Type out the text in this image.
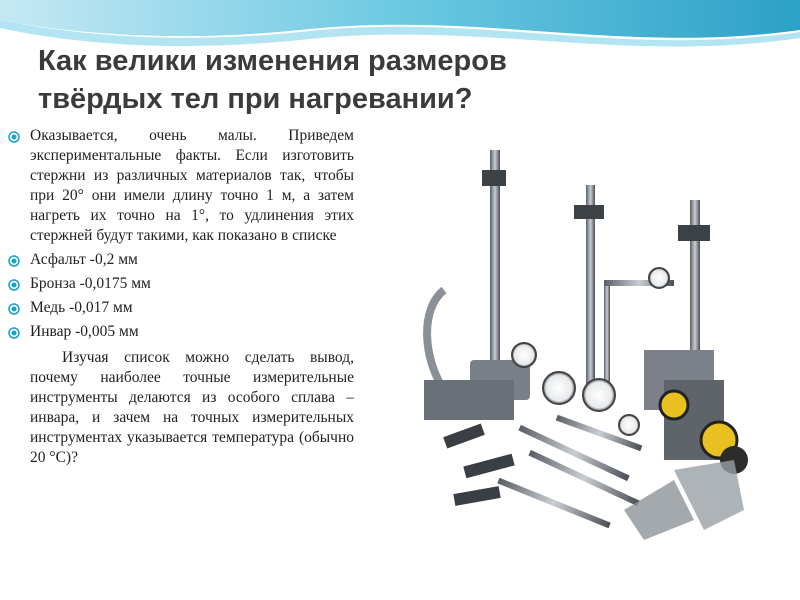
Как велики изменения размеров
твёрдых тел при нагревании?
Оказывается, очень малы. Приведем экспериментальные факты. Если изготовить стержни из различных материалов так, чтобы при 20° они имели длину точно 1 м, а затем нагреть их точно на 1°, то удлинения этих стержней будут такими, как показано в списке
Асфальт -0,2 мм
Бронза -0,0175 мм
Медь -0,017 мм
Инвар -0,005 мм
Изучая список можно сделать вывод, почему наиболее точные измерительные инструменты делаются из особого сплава – инвара, и зачем на точных измерительных инструментах указывается температура (обычно 20 °C)?
